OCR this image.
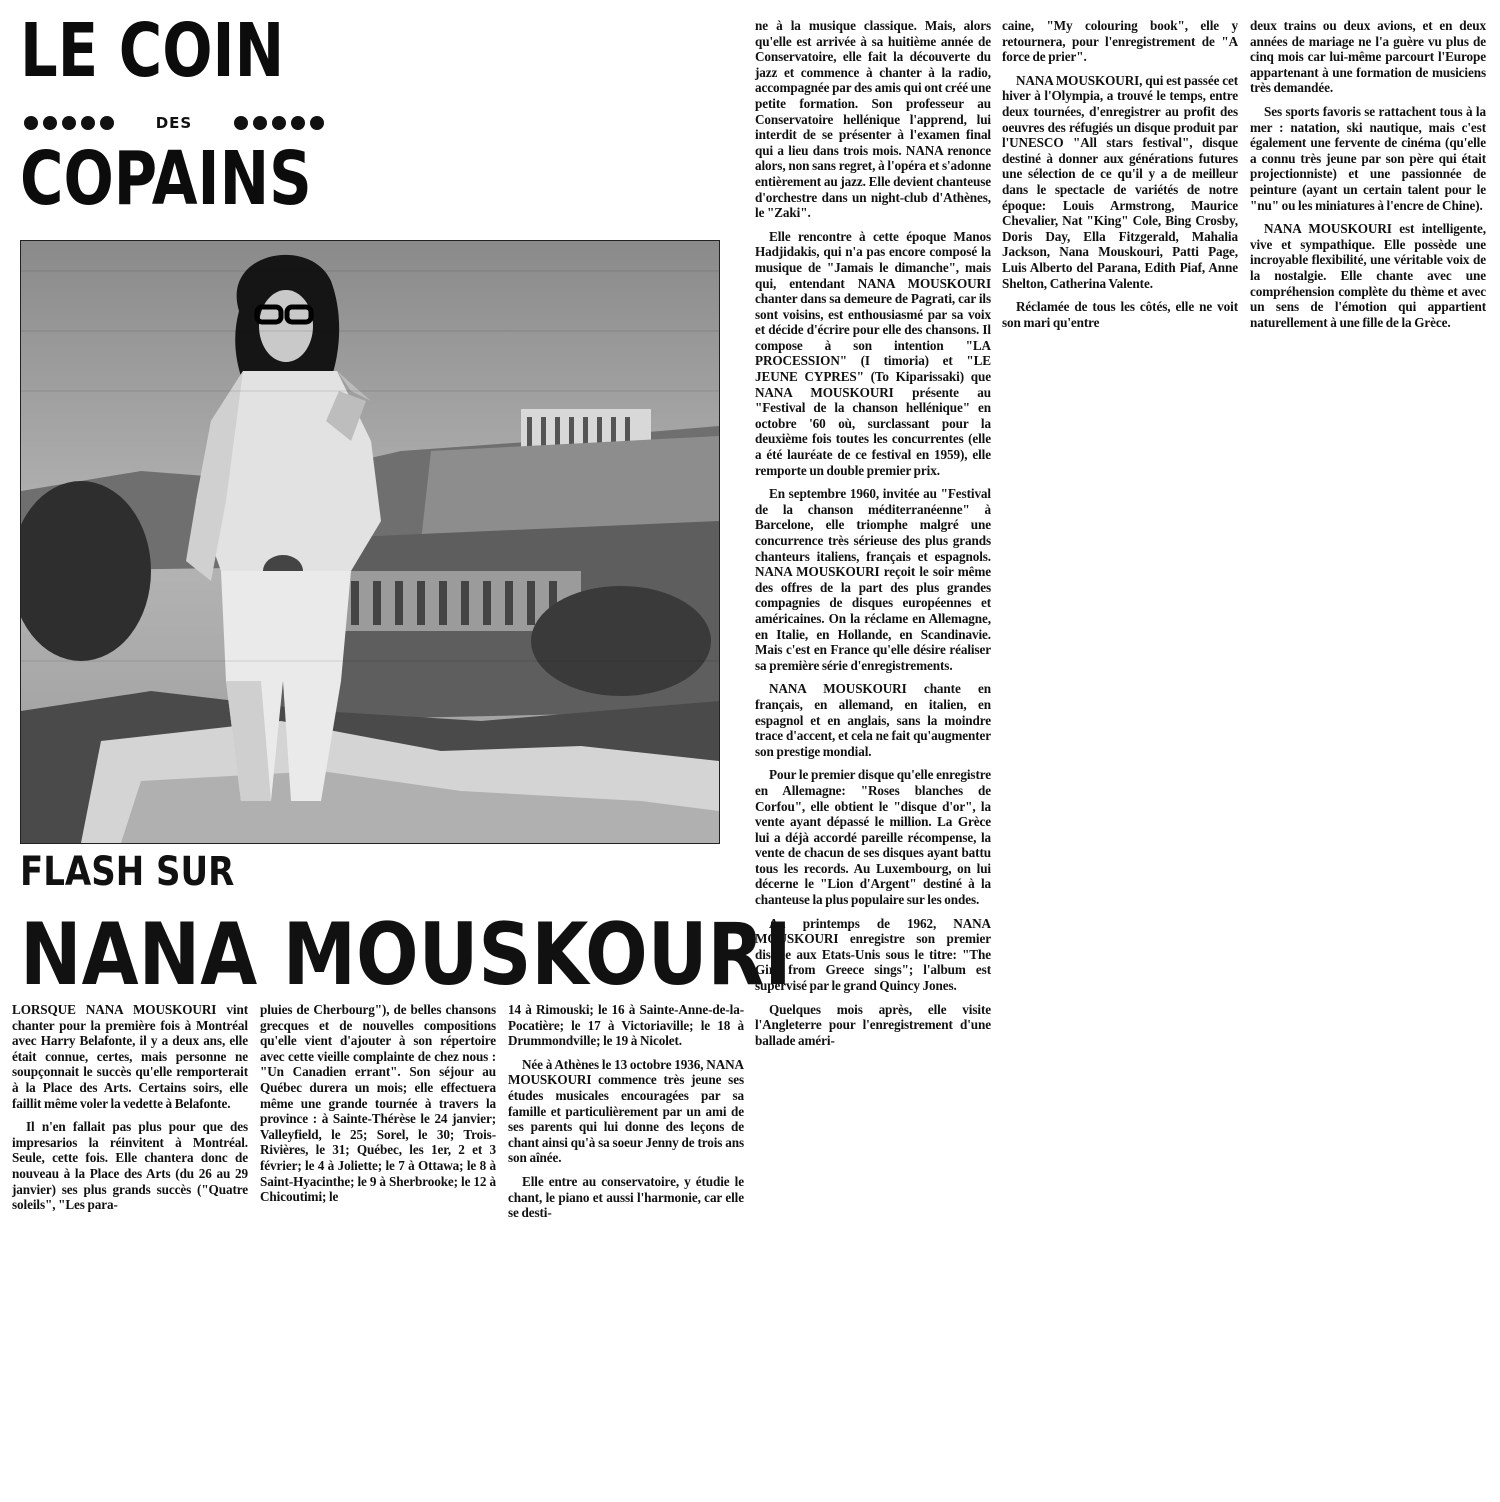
LE COIN
DES
COPAINS
FLASH SUR
NANA MOUSKOURI

LORSQUE NANA MOUSKOURI vint chanter pour la première fois à Montréal avec Harry Belafonte, il y a deux ans, elle était connue, certes, mais personne ne soupçonnait le succès qu'elle remporterait à la Place des Arts. Certains soirs, elle faillit même voler la vedette à Belafonte.

Il n'en fallait pas plus pour que des impresarios la réinvitent à Montréal. Seule, cette fois. Elle chantera donc de nouveau à la Place des Arts (du 26 au 29 janvier) ses plus grands succès ("Quatre soleils", "Les para-

pluies de Cherbourg"), de belles chansons grecques et de nouvelles compositions qu'elle vient d'ajouter à son répertoire avec cette vieille complainte de chez nous : "Un Canadien errant". Son séjour au Québec durera un mois; elle effectuera même une grande tournée à travers la province : à Sainte-Thérèse le 24 janvier; Valleyfield, le 25; Sorel, le 30; Trois-Rivières, le 31; Québec, les 1er, 2 et 3 février; le 4 à Joliette; le 7 à Ottawa; le 8 à Saint-Hyacinthe; le 9 à Sherbrooke; le 12 à Chicoutimi; le

14 à Rimouski; le 16 à Sainte-Anne-de-la-Pocatière; le 17 à Victoriaville; le 18 à Drummondville; le 19 à Nicolet.

Née à Athènes le 13 octobre 1936, NANA MOUSKOURI commence très jeune ses études musicales encouragées par sa famille et particulièrement par un ami de ses parents qui lui donne des leçons de chant ainsi qu'à sa soeur Jenny de trois ans son aînée.

Elle entre au conservatoire, y étudie le chant, le piano et aussi l'harmonie, car elle se desti-

ne à la musique classique. Mais, alors qu'elle est arrivée à sa huitième année de Conservatoire, elle fait la découverte du jazz et commence à chanter à la radio, accompagnée par des amis qui ont créé une petite formation. Son professeur au Conservatoire hellénique l'apprend, lui interdit de se présenter à l'examen final qui a lieu dans trois mois. NANA renonce alors, non sans regret, à l'opéra et s'adonne entièrement au jazz. Elle devient chanteuse d'orchestre dans un night-club d'Athènes, le "Zaki".

Elle rencontre à cette époque Manos Hadjidakis, qui n'a pas encore composé la musique de "Jamais le dimanche", mais qui, entendant NANA MOUSKOURI chanter dans sa demeure de Pagrati, car ils sont voisins, est enthousiasmé par sa voix et décide d'écrire pour elle des chansons. Il compose à son intention "LA PROCESSION" (I timoria) et "LE JEUNE CYPRES" (To Kiparissaki) que NANA MOUSKOURI présente au "Festival de la chanson hellénique" en octobre '60 où, surclassant pour la deuxième fois toutes les concurrentes (elle a été lauréate de ce festival en 1959), elle remporte un double premier prix.

En septembre 1960, invitée au "Festival de la chanson méditerranéenne" à Barcelone, elle triomphe malgré une concurrence très sérieuse des plus grands chanteurs italiens, français et espagnols. NANA MOUSKOURI reçoit le soir même des offres de la part des plus grandes compagnies de disques européennes et américaines. On la réclame en Allemagne, en Italie, en Hollande, en Scandinavie. Mais c'est en France qu'elle désire réaliser sa première série d'enregistrements.

NANA MOUSKOURI chante en français, en allemand, en italien, en espagnol et en anglais, sans la moindre trace d'accent, et cela ne fait qu'augmenter son prestige mondial.

Pour le premier disque qu'elle enregistre en Allemagne: "Roses blanches de Corfou", elle obtient le "disque d'or", la vente ayant dépassé le million. La Grèce lui a déjà accordé pareille récompense, la vente de chacun de ses disques ayant battu tous les records. Au Luxembourg, on lui décerne le "Lion d'Argent" destiné à la chanteuse la plus populaire sur les ondes.

Au printemps de 1962, NANA MOUSKOURI enregistre son premier disque aux Etats-Unis sous le titre: "The Girl from Greece sings"; l'album est supervisé par le grand Quincy Jones.

Quelques mois après, elle visite l'Angleterre pour l'enregistrement d'une ballade améri-

caine, "My colouring book", elle y retournera, pour l'enregistrement de "A force de prier".

NANA MOUSKOURI, qui est passée cet hiver à l'Olympia, a trouvé le temps, entre deux tournées, d'enregistrer au profit des oeuvres des réfugiés un disque produit par l'UNESCO "All stars festival", disque destiné à donner aux générations futures une sélection de ce qu'il y a de meilleur dans le spectacle de variétés de notre époque: Louis Armstrong, Maurice Chevalier, Nat "King" Cole, Bing Crosby, Doris Day, Ella Fitzgerald, Mahalia Jackson, Nana Mouskouri, Patti Page, Luis Alberto del Parana, Edith Piaf, Anne Shelton, Catherina Valente.

Réclamée de tous les côtés, elle ne voit son mari qu'entre

deux trains ou deux avions, et en deux années de mariage ne l'a guère vu plus de cinq mois car lui-même parcourt l'Europe appartenant à une formation de musiciens très demandée.

Ses sports favoris se rattachent tous à la mer : natation, ski nautique, mais c'est également une fervente de cinéma (qu'elle a connu très jeune par son père qui était projectionniste) et une passionnée de peinture (ayant un certain talent pour le "nu" ou les miniatures à l'encre de Chine).

NANA MOUSKOURI est intelligente, vive et sympathique. Elle possède une incroyable flexibilité, une véritable voix de la nostalgie. Elle chante avec une compréhension complète du thème et avec un sens de l'émotion qui appartient naturellement à une fille de la Grèce.
